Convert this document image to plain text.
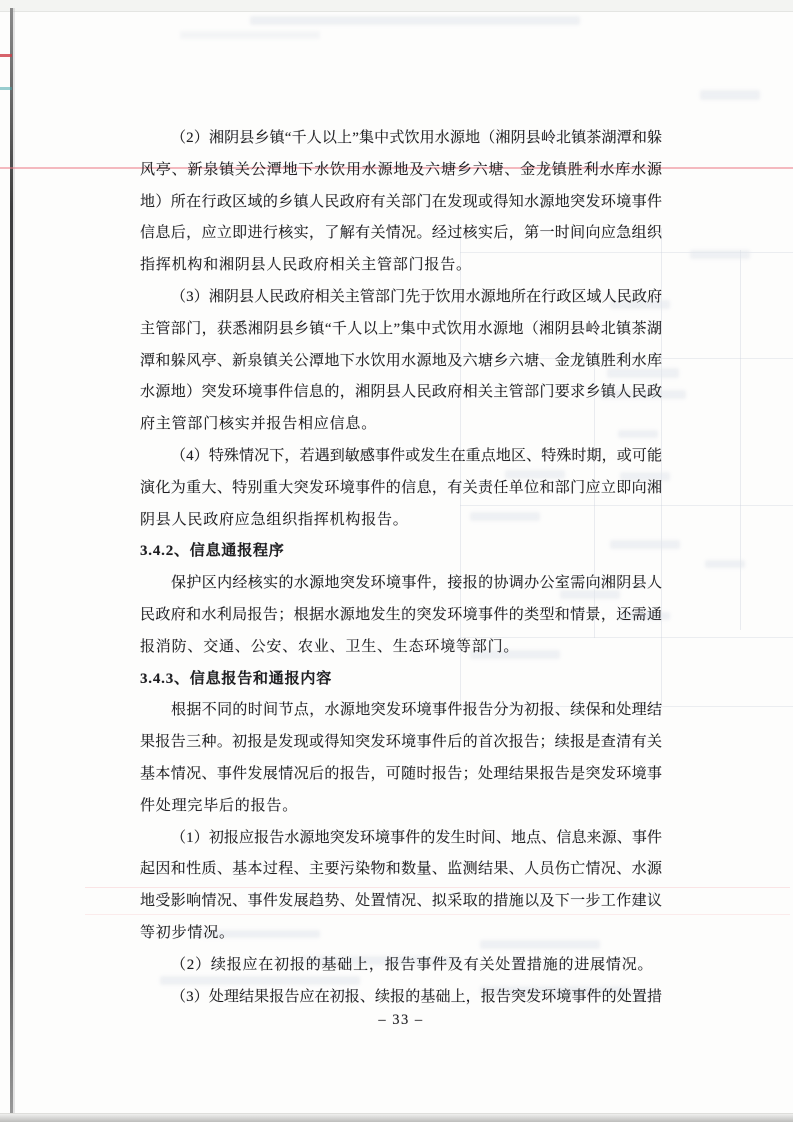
（2）湘阴县乡镇“千人以上”集中式饮用水源地（湘阴县岭北镇茶湖潭和躲
风亭、新泉镇关公潭地下水饮用水源地及六塘乡六塘、金龙镇胜利水库水源
地）所在行政区域的乡镇人民政府有关部门在发现或得知水源地突发环境事件
信息后，应立即进行核实，了解有关情况。经过核实后，第一时间向应急组织
指挥机构和湘阴县人民政府相关主管部门报告。

（3）湘阴县人民政府相关主管部门先于饮用水源地所在行政区域人民政府
主管部门，获悉湘阴县乡镇“千人以上”集中式饮用水源地（湘阴县岭北镇茶湖
潭和躲风亭、新泉镇关公潭地下水饮用水源地及六塘乡六塘、金龙镇胜利水库
水源地）突发环境事件信息的，湘阴县人民政府相关主管部门要求乡镇人民政
府主管部门核实并报告相应信息。

（4）特殊情况下，若遇到敏感事件或发生在重点地区、特殊时期，或可能
演化为重大、特别重大突发环境事件的信息，有关责任单位和部门应立即向湘
阴县人民政府应急组织指挥机构报告。

3.4.2、信息通报程序

保护区内经核实的水源地突发环境事件，接报的协调办公室需向湘阴县人
民政府和水利局报告；根据水源地发生的突发环境事件的类型和情景，还需通
报消防、交通、公安、农业、卫生、生态环境等部门。

3.4.3、信息报告和通报内容

根据不同的时间节点，水源地突发环境事件报告分为初报、续保和处理结
果报告三种。初报是发现或得知突发环境事件后的首次报告；续报是查清有关
基本情况、事件发展情况后的报告，可随时报告；处理结果报告是突发环境事
件处理完毕后的报告。

（1）初报应报告水源地突发环境事件的发生时间、地点、信息来源、事件
起因和性质、基本过程、主要污染物和数量、监测结果、人员伤亡情况、水源
地受影响情况、事件发展趋势、处置情况、拟采取的措施以及下一步工作建议
等初步情况。

（2）续报应在初报的基础上，报告事件及有关处置措施的进展情况。

（3）处理结果报告应在初报、续报的基础上，报告突发环境事件的处置措

– 33 –
